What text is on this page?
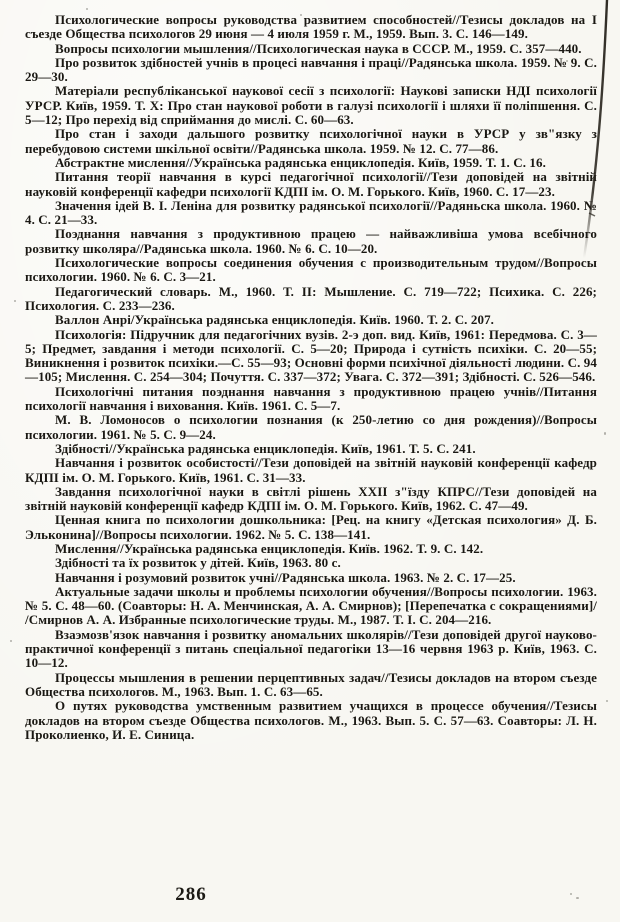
Психологические вопросы руководства развитием способностей/​/​Тезисы докладов на I съезде Общества психологов 29 июня — 4 июля 1959 г. М., 1959. Вып. 3. С. 146—149.

Вопросы психологии мышления/​/​Психологическая наука в СССР. М., 1959. С. 357—440.

Про розвиток здібностей учнів в процесі навчання і праці/​/​Радянська школа. 1959. № 9. С. 29—30.

Матеріали республіканської наукової сесії з психології: Наукові записки НДІ психології УРСР. Київ, 1959. Т. X: Про стан наукової роботи в галузі психології і шляхи її поліпшення. С. 5—12; Про перехід від сприймання до мислі. С. 60—63.

Про стан і заходи дальшого розвитку психологічної науки в УРСР у зв"язку з перебудовою системи шкільної освіти/​/​Радянська школа. 1959. № 12. С. 77—86.

Абстрактне мислення/​/​Українська радянська енциклопедія. Київ, 1959. Т. 1. С. 16.

Питання теорії навчання в курсі педагогічної психології/​/​Тези доповідей на звітній науковій конференції кафедри психології КДПІ ім. О. М. Горького. Київ, 1960. С. 17—23.

Значення ідей В. І. Леніна для розвитку радянської психології/​/​Радяньска школа. 1960. № 4. С. 21—33.

Поэднання навчання з продуктивною працею — найважливіша умова всебічного розвитку школяра/​/​Радянська школа. 1960. № 6. С. 10—20.

Психологические вопросы соединения обучения с производительным трудом/​/​Вопросы психологии. 1960. № 6. С. 3—21.

Педагогический словарь. М., 1960. Т. II: Мышление. С. 719—722; Психика. С. 226; Психология. С. 233—236.

Валлон Анрі/​Українська радянська енциклопедія. Київ. 1960. Т. 2. С. 207.

Психологія: Підручник для педагогічних вузів. 2-э доп. вид. Київ, 1961: Передмова. С. 3—5; Предмет, завдання і методи психології. С. 5—20; Природа і сутність психіки. С. 20—55; Виникнення і розвиток психіки.—С. 55—93; Основні форми психічної діяльності людини. С. 94—105; Мислення. С. 254—304; Почуття. С. 337—372; Увага. С. 372—391; Здібності. С. 526—546.

Психологічні питания поэднання навчання з продуктивною працею учнів/​/​Питання психології навчання і виховання. Київ. 1961. С. 5—7.

М. В. Ломоносов о психологии познания (к 250-летию со дня рождения)/​/​Вопросы психологии. 1961. № 5. С. 9—24.

Здібності/​/​Українська радянська енциклопедія. Київ, 1961. Т. 5. С. 241.

Навчання і розвиток особистості/​/​Тези доповідей на звітній науковій конференції кафедр КДПІ ім. О. М. Горького. Київ, 1961. С. 31—33.

Завдання психологічної науки в світлі рішень XXII з"їзду КПРС/​/​Тези доповідей на звітній науковій конференції кафедр КДПІ ім. О. М. Горького. Київ, 1962. С. 47—49.

Ценная книга по психологии дошкольника: [Рец. на книгу «Детская психология» Д. Б. Эльконина]/​/​Вопросы психологии. 1962. № 5. С. 138—141.

Мислення/​/​Українська радянська енциклопедія. Київ. 1962. Т. 9. С. 142.

Здібності та їх розвиток у дітей. Київ, 1963. 80 с.

Навчання і розумовий розвиток учні/​/​Радянська школа. 1963. № 2. С. 17—25.

Актуальные задачи школы и проблемы психологии обучения/​/​Вопросы психологии. 1963. № 5. С. 48—60. (Соавторы: Н. А. Менчинская, А. А. Смирнов); [Перепечатка с сокращениями]/​/​Смирнов А. А. Избранные психологические труды. М., 1987. Т. I. С. 204—216.

Взаэмозв'язок навчання і розвитку аномальних школярів/​/​Тези доповідей другої науково-практичної конференції з питань спеціальної педагогіки 13—16 червня 1963 р. Київ, 1963. С. 10—12.

Процессы мышления в решении перцептивных задач/​/​Тезисы докладов на втором съезде Общества психологов. М., 1963. Вып. 1. С. 63—65.

О путях руководства умственным развитием учащихся в процессе обучения/​/​Тезисы докладов на втором съезде Общества психологов. М., 1963. Вып. 5. С. 57—63. Соавторы: Л. Н. Проколиенко, И. Е. Синица.

286
